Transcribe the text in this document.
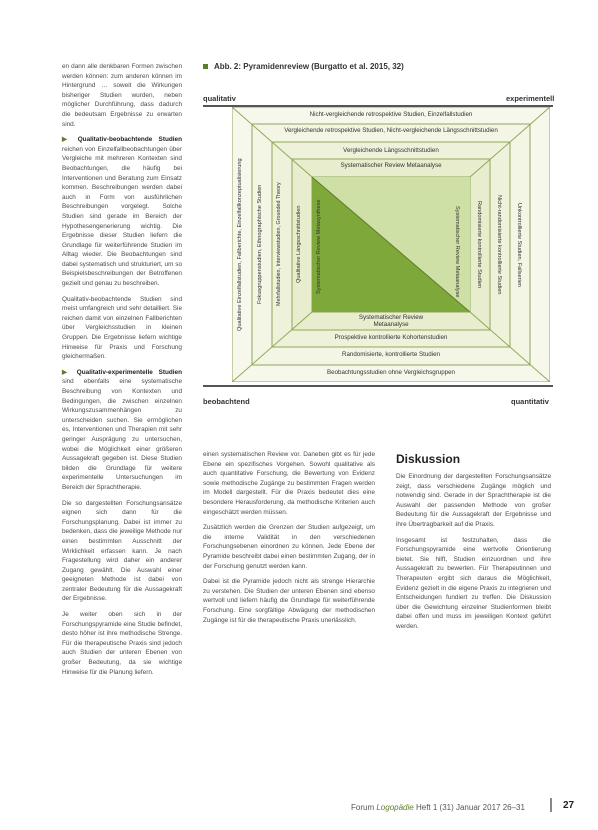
en dann alle denkbaren Formen zwischen werden können: zum anderen können im Hintergrund … soweit die Wirkungen bisheriger Studien wurden, neben möglicher Durchführung, dass dadurch die bedeutsam Ergebnisse zu erwarten sind.

▶ Qualitativ-beobachtende Studien reichen von Einzelfallbeobachtungen über Vergleiche mit mehreren Kontexten sind Beobachtungen, die häufig bei Interventionen und Beratung zum Einsatz kommen. Beschreibungen werden dabei auch in Form von ausführlichen Beschreibungen vorgelegt. Solche Studien sind gerade im Bereich der Hypothesengenerierung wichtig. Die Ergebnisse dieser Studien liefern die Grundlage für weiterführende Studien im Alltag wieder. Die Beobachtungen sind dabei systematisch und strukturiert, um so Beispielsbeschreibungen der Betroffenen gezielt und genau zu beschreiben.

Qualitativ-beobachtende Studien sind meist umfangreich und sehr detailliert. Sie reichen damit von einzelnen Fallberichten über Vergleichsstudien in kleinen Gruppen. Die Ergebnisse liefern wichtige Hinweise für Praxis und Forschung gleichermaßen.

▶ Qualitativ-experimentelle Studien sind ebenfalls eine systematische Beschreibung von Kontexten und Bedingungen, die zwischen einzelnen Wirkungszusammenhängen zu unterscheiden suchen. Sie ermöglichen es, Interventionen und Therapien mit sehr geringer Ausprägung zu untersuchen, wobei die Möglichkeit einer größeren Aussagekraft gegeben ist. Diese Studien bilden die Grundlage für weitere experimentelle Untersuchungen im Bereich der Sprachtherapie.

Die so dargestellten Forschungsansätze eignen sich dann für die Forschungsplanung. Dabei ist immer zu bedenken, dass die jeweilige Methode nur einen bestimmten Ausschnitt der Wirklichkeit erfassen kann. Je nach Fragestellung wird daher ein anderer Zugang gewählt. Die Auswahl einer geeigneten Methode ist dabei von zentraler Bedeutung für die Aussagekraft der Ergebnisse.

Je weiter oben sich in der Forschungspyramide eine Studie befindet, desto höher ist ihre methodische Strenge. Für die therapeutische Praxis sind jedoch auch Studien der unteren Ebenen von großer Bedeutung, da sie wichtige Hinweise für die Planung liefern.

Abb. 2: Pyramidenreview (Burgatto et al. 2015, 32)
qualitativ	experimentell
beobachtend	quantitativ
Nicht-vergleichende retrospektive Studien, Einzelfallstudien
Vergleichende retrospektive Studien, Nicht-vergleichende Längsschnittstudien
Vergleichende Längsschnittstudien
Systematischer Review Metaanalyse
Systematischer Review Metaanalyse
Prospektive kontrollierte Kohortenstudien
Randomisierte, kontrollierte Studien
Beobachtungsstudien ohne Vergleichsgruppen
Qualitative Einzelfallstudien, Fallberichte, Einzelfallkonzeptualisierung	Fokusgruppenstudien, Ethnographische Studien Mehrfallstudien, Interviewstudien, Grounded Theory	Qualitative Längsschnittstudien	Systematischer Review Metasynthese	Systematischer Review Metaanalyse	Randomisierte kontrollierte Studien	Nicht-randomisierte kontrollierte Studien	Unkontrollierte Studien, Fallserien

einen systematischen Review vor. Daneben gibt es für jede Ebene ein spezifisches Vorgehen. Sowohl qualitative als auch quantitative Forschung, die Bewertung von Evidenz sowie methodische Zugänge zu bestimmten Fragen werden im Modell dargestellt. Für die Praxis bedeutet dies eine besondere Herausforderung, da methodische Kriterien auch eingeschätzt werden müssen.

Zusätzlich werden die Grenzen der Studien aufgezeigt, um die interne Validität in den verschiedenen Forschungsebenen einordnen zu können. Jede Ebene der Pyramide beschreibt dabei einen bestimmten Zugang, der in der Forschung genutzt werden kann.

Dabei ist die Pyramide jedoch nicht als strenge Hierarchie zu verstehen. Die Studien der unteren Ebenen sind ebenso wertvoll und liefern häufig die Grundlage für weiterführende Forschung. Eine sorgfältige Abwägung der methodischen Zugänge ist für die therapeutische Praxis unerlässlich.

Diskussion

Die Einordnung der dargestellten Forschungsansätze zeigt, dass verschiedene Zugänge möglich und notwendig sind. Gerade in der Sprachtherapie ist die Auswahl der passenden Methode von großer Bedeutung für die Aussagekraft der Ergebnisse und ihre Übertragbarkeit auf die Praxis.

Insgesamt ist festzuhalten, dass die Forschungspyramide eine wertvolle Orientierung bietet. Sie hilft, Studien einzuordnen und ihre Aussagekraft zu bewerten. Für Therapeutinnen und Therapeuten ergibt sich daraus die Möglichkeit, Evidenz gezielt in die eigene Praxis zu integrieren und Entscheidungen fundiert zu treffen. Die Diskussion über die Gewichtung einzelner Studienformen bleibt dabei offen und muss im jeweiligen Kontext geführt werden.

Forum Logopädie Heft 1 (31) Januar 2017 26–31	27
